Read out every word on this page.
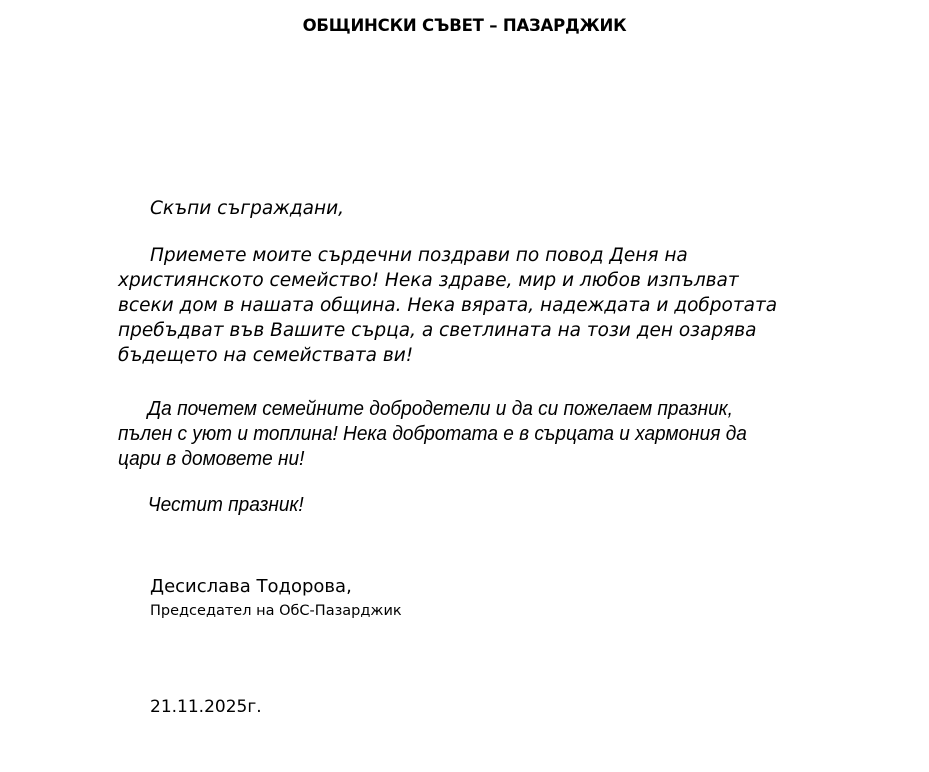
ОБЩИНСКИ СЪВЕТ – ПАЗАРДЖИК
Скъпи съграждани,
Приемете моите сърдечни поздрави по повод Деня на
християнското семейство! Нека здраве, мир и любов изпълват
всеки дом в нашата община. Нека вярата, надеждата и добротата
пребъдват във Вашите сърца, а светлината на този ден озарява
бъдещето на семействата ви!
Да почетем семейните добродетели и да си пожелаем празник,
пълен с уют и топлина! Нека добротата е в сърцата и хармония да
цари в домовете ни!
Честит празник!
Десислава Тодорова,
Председател на ОбС-Пазарджик
21.11.2025г.
